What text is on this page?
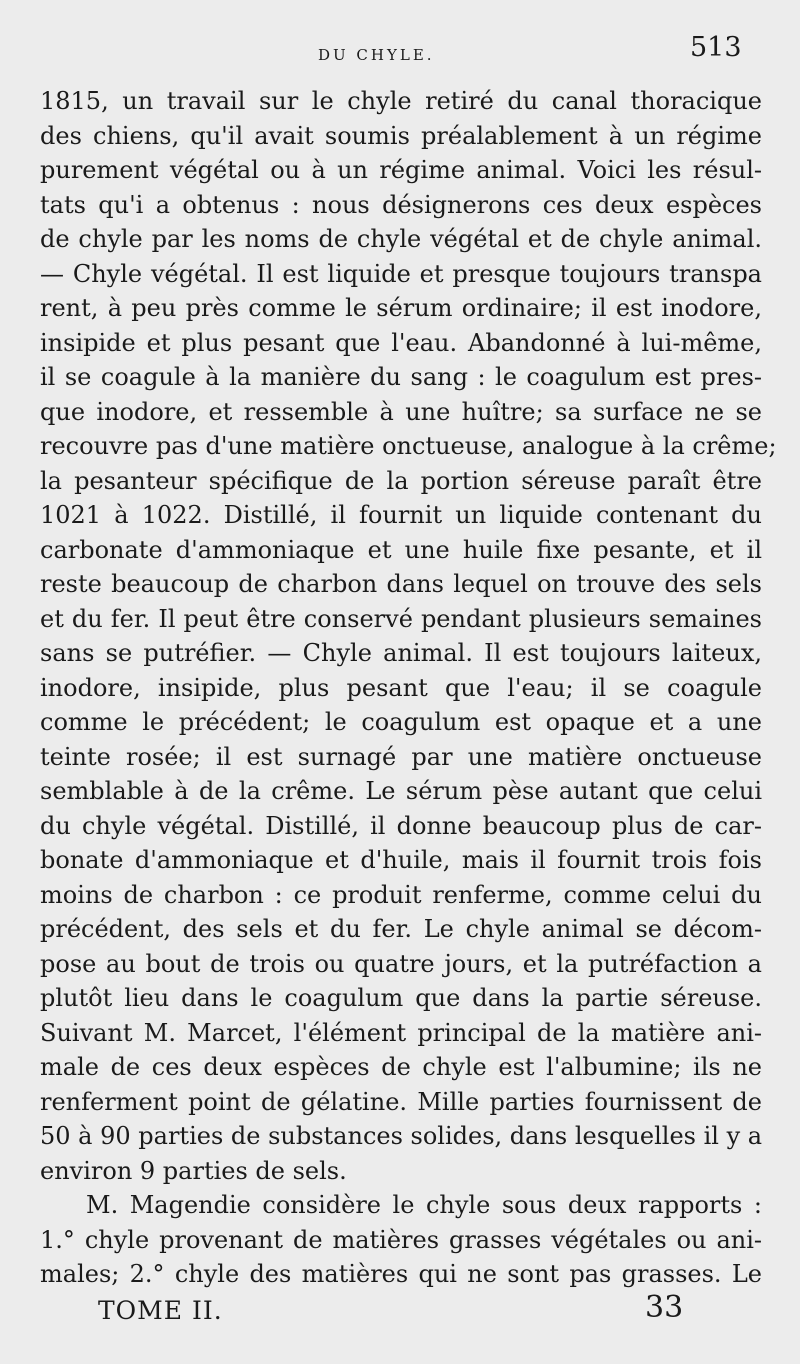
DU CHYLE.	513
1815, un travail sur le chyle retiré du canal thoracique
des chiens, qu'il avait soumis préalablement à un régime
purement végétal ou à un régime animal. Voici les résul-
tats qu'i a obtenus : nous désignerons ces deux espèces
de chyle par les noms de chyle végétal et de chyle animal.
— Chyle végétal. Il est liquide et presque toujours transpa
rent, à peu près comme le sérum ordinaire; il est inodore,
insipide et plus pesant que l'eau. Abandonné à lui-même,
il se coagule à la manière du sang : le coagulum est pres-
que inodore, et ressemble à une huître; sa surface ne se
recouvre pas d'une matière onctueuse, analogue à la crême;
la pesanteur spécifique de la portion séreuse paraît être
1021 à 1022. Distillé, il fournit un liquide contenant du
carbonate d'ammoniaque et une huile fixe pesante, et il
reste beaucoup de charbon dans lequel on trouve des sels
et du fer. Il peut être conservé pendant plusieurs semaines
sans se putréfier. — Chyle animal. Il est toujours laiteux,
inodore, insipide, plus pesant que l'eau; il se coagule
comme le précédent; le coagulum est opaque et a une
teinte rosée; il est surnagé par une matière onctueuse
semblable à de la crême. Le sérum pèse autant que celui
du chyle végétal. Distillé, il donne beaucoup plus de car-
bonate d'ammoniaque et d'huile, mais il fournit trois fois
moins de charbon : ce produit renferme, comme celui du
précédent, des sels et du fer. Le chyle animal se décom-
pose au bout de trois ou quatre jours, et la putréfaction a
plutôt lieu dans le coagulum que dans la partie séreuse.
Suivant M. Marcet, l'élément principal de la matière ani-
male de ces deux espèces de chyle est l'albumine; ils ne
renferment point de gélatine. Mille parties fournissent de
50 à 90 parties de substances solides, dans lesquelles il y a
environ 9 parties de sels.
M. Magendie considère le chyle sous deux rapports :
1.° chyle provenant de matières grasses végétales ou ani-
males; 2.° chyle des matières qui ne sont pas grasses. Le
TOME II.	33
